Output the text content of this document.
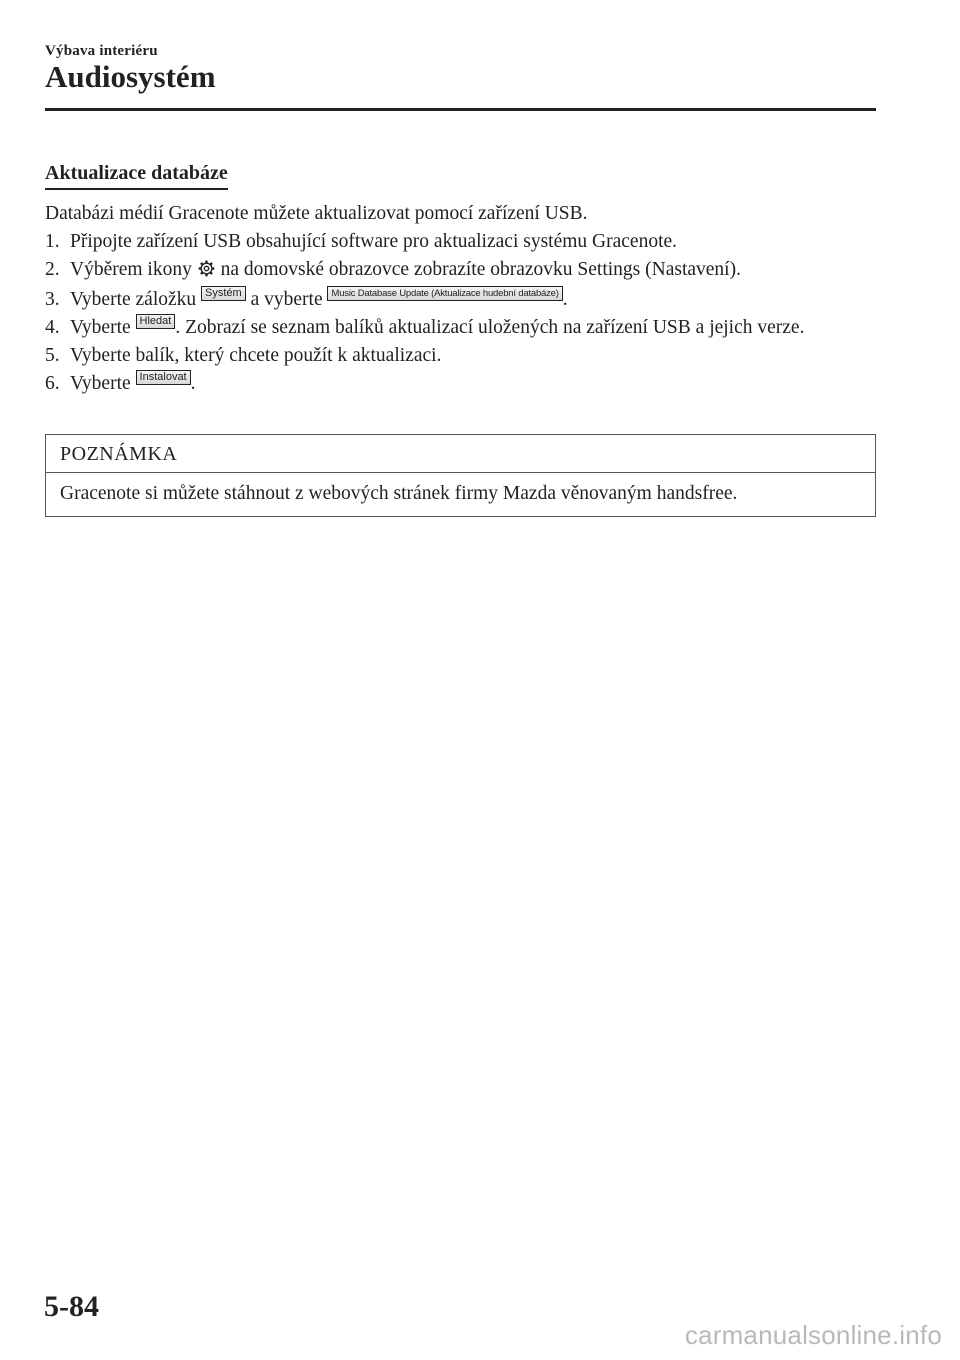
Výbava interiéru
Audiosystém
Aktualizace databáze

Databázi médií Gracenote můžete aktualizovat pomocí zařízení USB.

1. Připojte zařízení USB obsahující software pro aktualizaci systému Gracenote.
2. Výběrem ikony na domovské obrazovce zobrazíte obrazovku Settings (Nastavení).
3. Vyberte záložku Systém a vyberte Music Database Update (Aktualizace hudební databáze) .
4. Vyberte Hledat . Zobrazí se seznam balíků aktualizací uložených na zařízení USB a jejich verze.
5. Vyberte balík, který chcete použít k aktualizaci.
6. Vyberte Instalovat .
POZNÁMKA
Gracenote si můžete stáhnout z webových stránek firmy Mazda věnovaným handsfree.
5-84
carmanualsonline.info
